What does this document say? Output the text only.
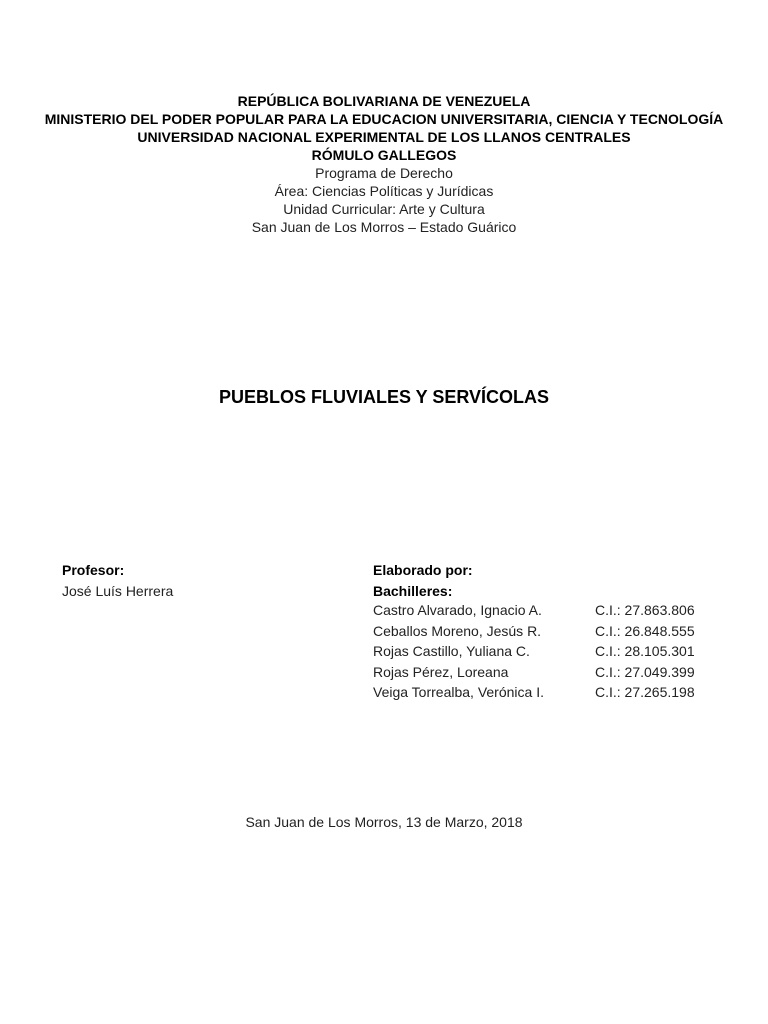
REPÚBLICA BOLIVARIANA DE VENEZUELA
MINISTERIO DEL PODER POPULAR PARA LA EDUCACION UNIVERSITARIA, CIENCIA Y TECNOLOGÍA
UNIVERSIDAD NACIONAL EXPERIMENTAL DE LOS LLANOS CENTRALES
RÓMULO GALLEGOS
Programa de Derecho
Área: Ciencias Políticas y Jurídicas
Unidad Curricular: Arte y Cultura
San Juan de Los Morros – Estado Guárico
PUEBLOS FLUVIALES Y SERVÍCOLAS
Profesor:
José Luís Herrera
Elaborado por:
Bachilleres:
Castro Alvarado, Ignacio A.	C.I.: 27.863.806
Ceballos Moreno, Jesús R.	C.I.: 26.848.555
Rojas Castillo, Yuliana C.	C.I.: 28.105.301
Rojas Pérez, Loreana	C.I.: 27.049.399
Veiga Torrealba, Verónica I.	C.I.: 27.265.198
San Juan de Los Morros, 13 de Marzo, 2018
